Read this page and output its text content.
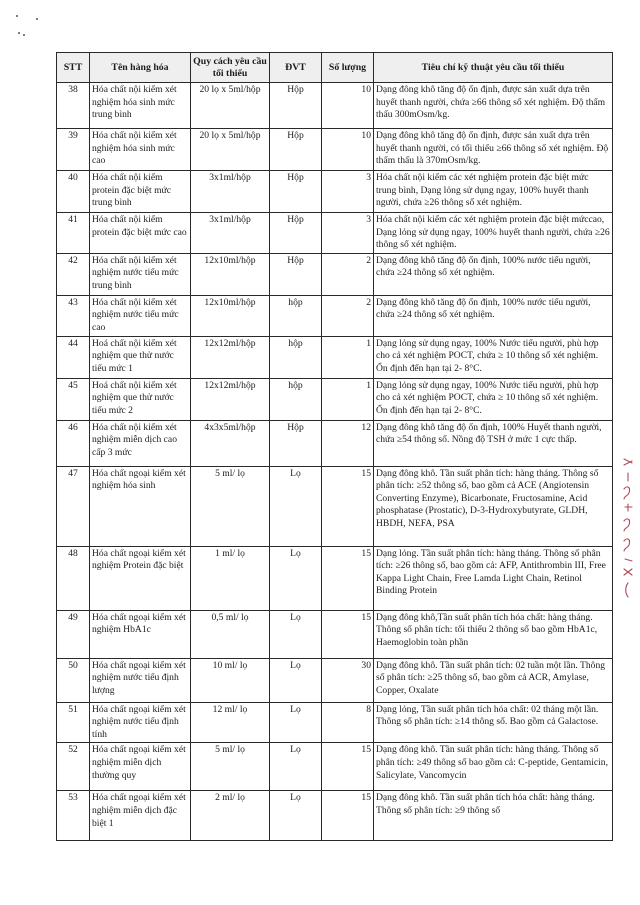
STT	Tên hàng hóa	Quy cách yêu cầu tối thiểu	ĐVT	Số lượng	Tiêu chí kỹ thuật yêu cầu tối thiểu
38	Hóa chất nội kiểm xét nghiệm hóa sinh mức trung bình	20 lọ x 5ml/hộp	Hộp	10	Dạng đông khô tăng độ ổn định, được sản xuất dựa trên huyết thanh người, chứa ≥66 thông số xét nghiệm. Độ thẩm thấu 300mOsm/kg.
39	Hóa chất nội kiểm xét nghiệm hóa sinh mức cao	20 lọ x 5ml/hộp	Hộp	10	Dạng đông khô tăng độ ổn định, được sản xuất dựa trên huyết thanh người, có tối thiểu ≥66 thông số xét nghiệm. Độ thẩm thấu là 370mOsm/kg.
40	Hóa chất nội kiểm protein đặc biệt mức trung bình	3x1ml/hộp	Hộp	3	Hóa chất nội kiểm các xét nghiệm protein đặc biệt mức trung bình, Dạng lỏng sử dụng ngay, 100% huyết thanh người, chứa ≥26 thông số xét nghiệm.
41	Hóa chất nội kiểm protein đặc biệt mức cao	3x1ml/hộp	Hộp	3	Hóa chất nội kiểm các xét nghiệm protein đặc biệt mứccao, Dạng lỏng sử dụng ngay, 100% huyết thanh người, chứa ≥26 thông số xét nghiệm.
42	Hóa chất nội kiểm xét nghiệm nước tiểu mức trung bình	12x10ml/hộp	Hộp	2	Dạng đông khô tăng độ ổn định, 100% nước tiểu người, chứa ≥24 thông số xét nghiệm.
43	Hóa chất nội kiểm xét nghiệm nước tiểu mức cao	12x10ml/hộp	hộp	2	Dạng đông khô tăng độ ổn định, 100% nước tiểu người, chứa ≥24 thông số xét nghiệm.
44	Hoá chất nội kiểm xét nghiệm que thử nước tiểu mức 1	12x12ml/hộp	hộp	1	Dạng lỏng sử dụng ngay, 100% Nước tiểu người, phù hợp cho cả xét nghiệm POCT, chứa ≥ 10 thông số xét nghiệm. Ổn định đến hạn tại 2- 8°C.
45	Hoá chất nội kiểm xét nghiệm que thử nước tiểu mức 2	12x12ml/hộp	hộp	1	Dạng lỏng sử dụng ngay, 100% Nước tiểu người, phù hợp cho cả xét nghiệm POCT, chứa ≥ 10 thông số xét nghiệm. Ổn định đến hạn tại 2- 8°C.
46	Hóa chất nội kiểm xét nghiệm miễn dịch cao cấp 3 mức	4x3x5ml/hộp	Hộp	12	Dạng đông khô tăng độ ổn định, 100% Huyết thanh người, chứa ≥54 thông số. Nồng độ TSH ở mức 1 cực thấp.
47	Hóa chất ngoại kiểm xét nghiệm hóa sinh	5 ml/ lọ	Lọ	15	Dạng đông khô. Tần suất phân tích: hàng tháng. Thông số phân tích: ≥52 thông số, bao gồm cả ACE (Angiotensin Converting Enzyme), Bicarbonate, Fructosamine, Acid phosphatase (Prostatic), D-3-Hydroxybutyrate, GLDH, HBDH, NEFA, PSA
48	Hóa chất ngoại kiểm xét nghiệm Protein đặc biệt	1 ml/ lọ	Lọ	15	Dạng lỏng. Tần suất phân tích: hàng tháng. Thông số phân tích: ≥26 thông số, bao gồm cả: AFP, Antithrombin III, Free Kappa Light Chain, Free Lamda Light Chain, Retinol Binding Protein
49	Hóa chất ngoại kiểm xét nghiệm HbA1c	0,5 ml/ lọ	Lọ	15	Dạng đông khô,Tần suất phân tích hóa chất: hàng tháng. Thông số phân tích: tối thiểu 2 thông số bao gồm HbA1c, Haemoglobin toàn phần
50	Hóa chất ngoại kiểm xét nghiệm nước tiểu định lượng	10 ml/ lọ	Lọ	30	Dạng đông khô. Tần suất phân tích: 02 tuần một lần. Thông số phân tích: ≥25 thông số, bao gồm cả ACR, Amylase, Copper, Oxalate
51	Hóa chất ngoại kiểm xét nghiệm nước tiểu định tính	12 ml/ lọ	Lọ	8	Dạng lỏng, Tần suất phân tích hóa chất: 02 tháng một lần. Thông số phân tích: ≥14 thông số. Bao gồm cả Galactose.
52	Hóa chất ngoại kiểm xét nghiệm miễn dịch thường quy	5 ml/ lọ	Lọ	15	Dạng đông khô. Tần suất phân tích: hàng tháng. Thông số phân tích: ≥49 thông số bao gồm cả: C-peptide, Gentamicin, Salicylate, Vancomycin
53	Hóa chất ngoại kiểm xét nghiệm miễn dịch đặc biệt 1	2 ml/ lọ	Lọ	15	Dạng đông khô. Tần suất phân tích hóa chất: hàng tháng. Thông số phân tích: ≥9 thông số
